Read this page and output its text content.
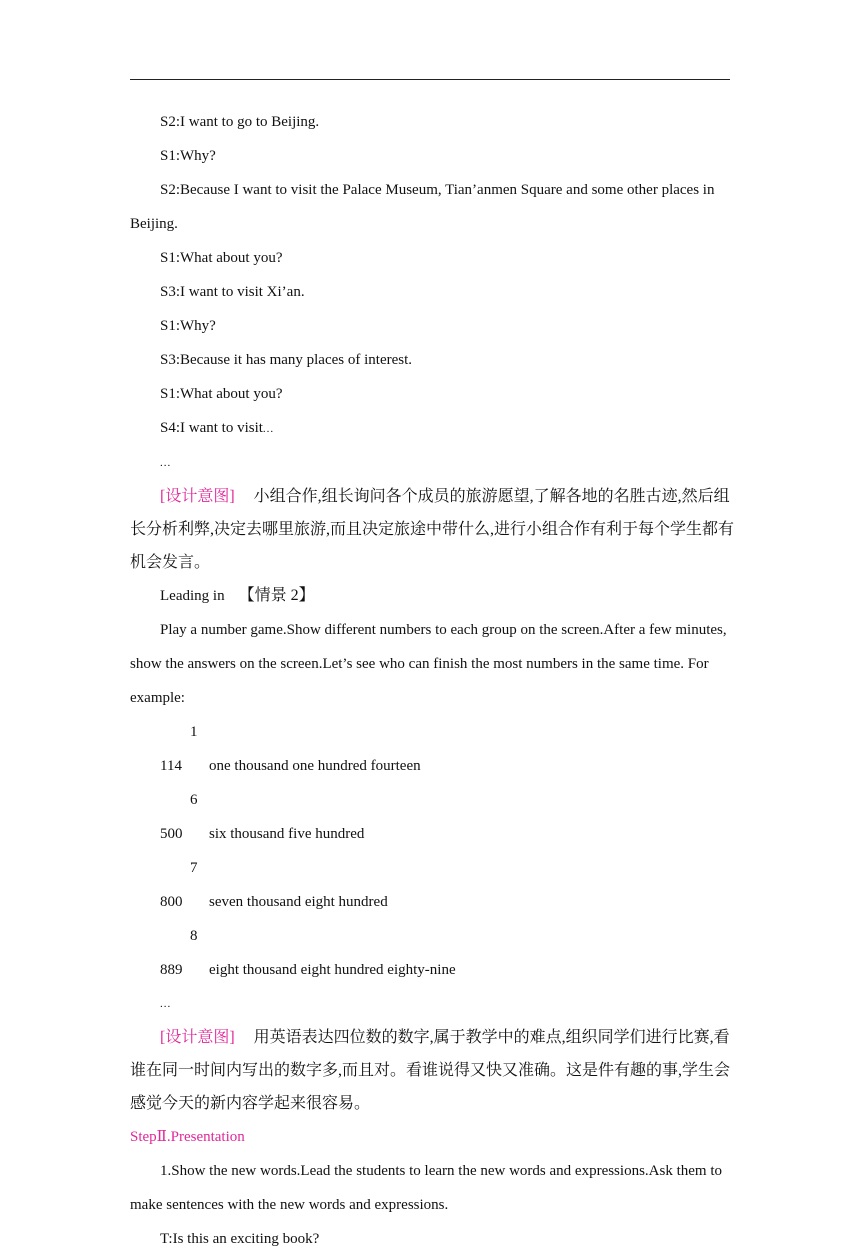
S2:I want to go to Beijing.

S1:Why?

S2:Because I want to visit the Palace Museum, Tian’anmen Square and some other places in Beijing.

S1:What about you?

S3:I want to visit Xi’an.

S1:Why?

S3:Because it has many places of interest.

S1:What about you?

S4:I want to visit...

...

[设计意图] 小组合作,组长询问各个成员的旅游愿望,了解各地的名胜古迹,然后组长分析利弊,决定去哪里旅游,而且决定旅途中带什么,进行小组合作有利于每个学生都有机会发言。

Leading in 【情景 2】

Play a number game.Show different numbers to each group on the screen.After a few minutes, show the answers on the screen.Let’s see who can finish the most numbers in the same time. For example:

1 114 one thousand one hundred fourteen

6 500 six thousand five hundred

7 800 seven thousand eight hundred

8 889 eight thousand eight hundred eighty-nine

...

[设计意图] 用英语表达四位数的数字,属于教学中的难点,组织同学们进行比赛,看谁在同一时间内写出的数字多,而且对。看谁说得又快又准确。这是件有趣的事,学生会感觉今天的新内容学起来很容易。

StepⅡ.Presentation

1.Show the new words.Lead the students to learn the new words and expressions.Ask them to make sentences with the new words and expressions.

T:Is this an exciting book?
